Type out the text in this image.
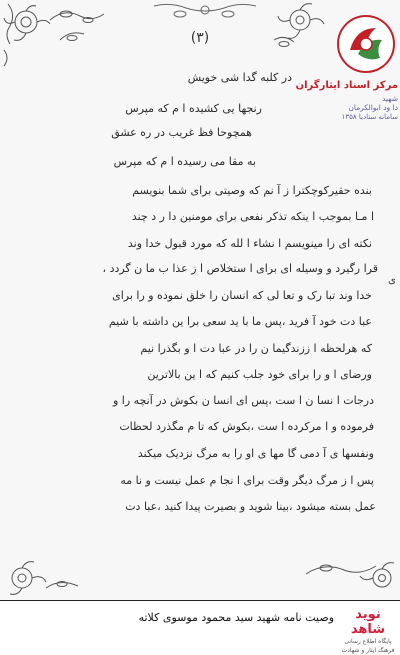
(۳)
مرکز اسناد ایثارگران
شهید
دا ود ابوالکرمان
سامانه ستادیا ۱۳۵۸
در کلبه گدا شی خویش
رنجها یی کشیده ا م که مپرس
همچوحا فظ غریب در ره عشق
به مقا می رسیده ا م که مپرس
بنده حقیرکوچکترا ز آ نم که وصیتی برای شما بنویسم
ا مـا بموجب ا ینکه تذکر نفعی برای مومنین دا ر د چند
نکته ای را مینویسم ا نشاء ا لله که مورد قبول خدا وند
قرا رگیرد و وسیله ای برای ا ستخلاص ا ز عذا ب ما ن گردد ،
خدا وند تبا رک و تعا لی که انسان را خلق نموده و را برای
عبا دت خود آ فرید ،پس ما با ید سعی برا ین داشته با شیم
که هرلحظه ا ززندگیما ن را در عبا دت ا و بگذرا نیم
ورضای ا و را برای خود جلب کنیم که ا ین بالاترین
درجات ا نسا ن ا ست ،پس ای انسا ن بکوش در آنچه را و
فرموده و ا مرکرده ا ست ،بکوش که تا م مگذرد لحظات
ونفسها ی آ دمی گا مها ی او را به مرگ نزدیک میکند
پس ا ز مرگ دیگر وقت برای ا نجا م عمل نیست و نا مه
عمل بسته میشود ،بینا شوید و بصیرت پیدا کنید ،عبا دت
ی
وصیت نامه شهید سید محمود موسوی کلاته	نوید شاهد
پایگاه اطلاع رسانی فرهنگ ایثار و شهادت
